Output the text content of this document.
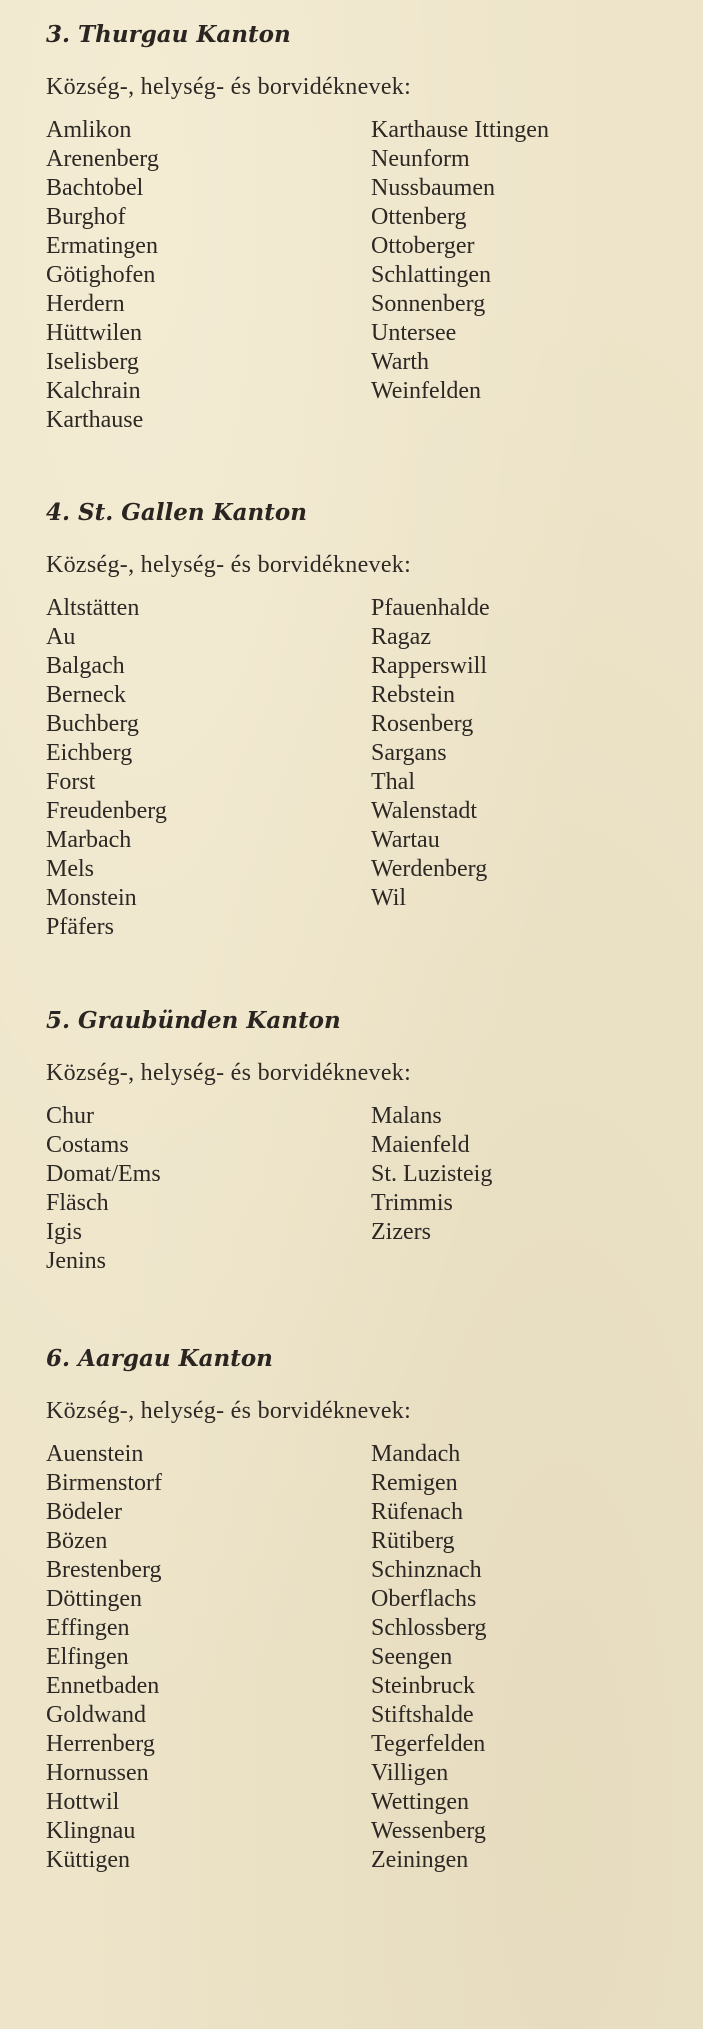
3. Thurgau Kanton
Község-, helység- és borvidéknevek:
Amlikon
Arenenberg
Bachtobel
Burghof
Ermatingen
Götighofen
Herdern
Hüttwilen
Iselisberg
Kalchrain
Karthause
Karthause Ittingen
Neunform
Nussbaumen
Ottenberg
Ottoberger
Schlattingen
Sonnenberg
Untersee
Warth
Weinfelden
4. St. Gallen Kanton
Község-, helység- és borvidéknevek:
Altstätten
Au
Balgach
Berneck
Buchberg
Eichberg
Forst
Freudenberg
Marbach
Mels
Monstein
Pfäfers
Pfauenhalde
Ragaz
Rapperswill
Rebstein
Rosenberg
Sargans
Thal
Walenstadt
Wartau
Werdenberg
Wil
5. Graubünden Kanton
Község-, helység- és borvidéknevek:
Chur
Costams
Domat/Ems
Fläsch
Igis
Jenins
Malans
Maienfeld
St. Luzisteig
Trimmis
Zizers
6. Aargau Kanton
Község-, helység- és borvidéknevek:
Auenstein
Birmenstorf
Bödeler
Bözen
Brestenberg
Döttingen
Effingen
Elfingen
Ennetbaden
Goldwand
Herrenberg
Hornussen
Hottwil
Klingnau
Küttigen
Mandach
Remigen
Rüfenach
Rütiberg
Schinznach
Oberflachs
Schlossberg
Seengen
Steinbruck
Stiftshalde
Tegerfelden
Villigen
Wettingen
Wessenberg
Zeiningen
